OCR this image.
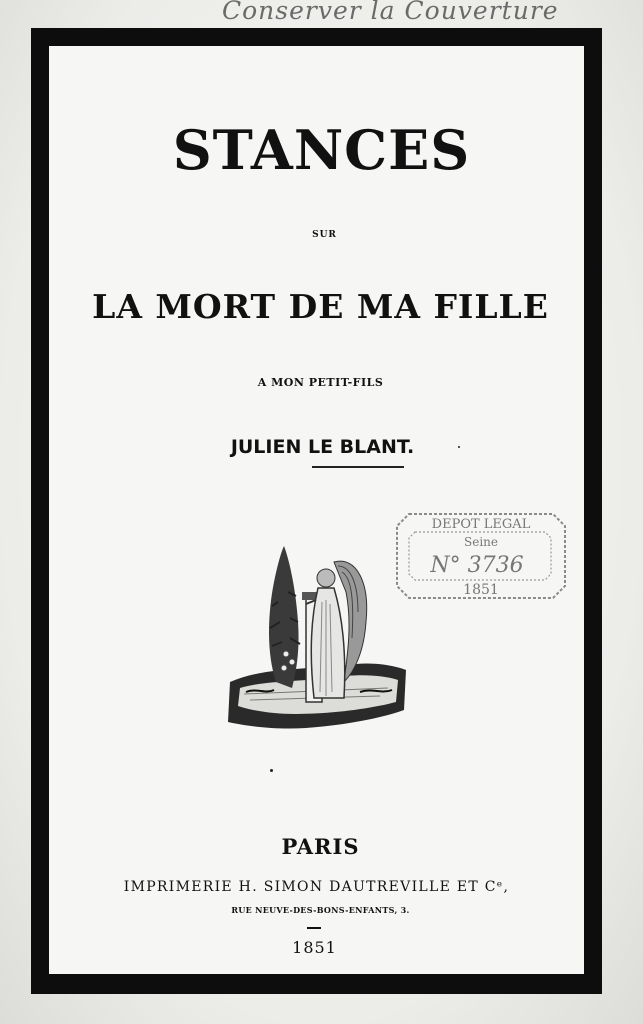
Conserver la Couverture
STANCES
SUR
LA MORT DE MA FILLE
A MON PETIT-FILS
JULIEN LE BLANT.
DEPOT LEGAL
Seine
N° 3736
1851
PARIS
IMPRIMERIE H. SIMON DAUTREVILLE ET Cᵉ,
RUE NEUVE-DES-BONS-ENFANTS, 3.
1851
